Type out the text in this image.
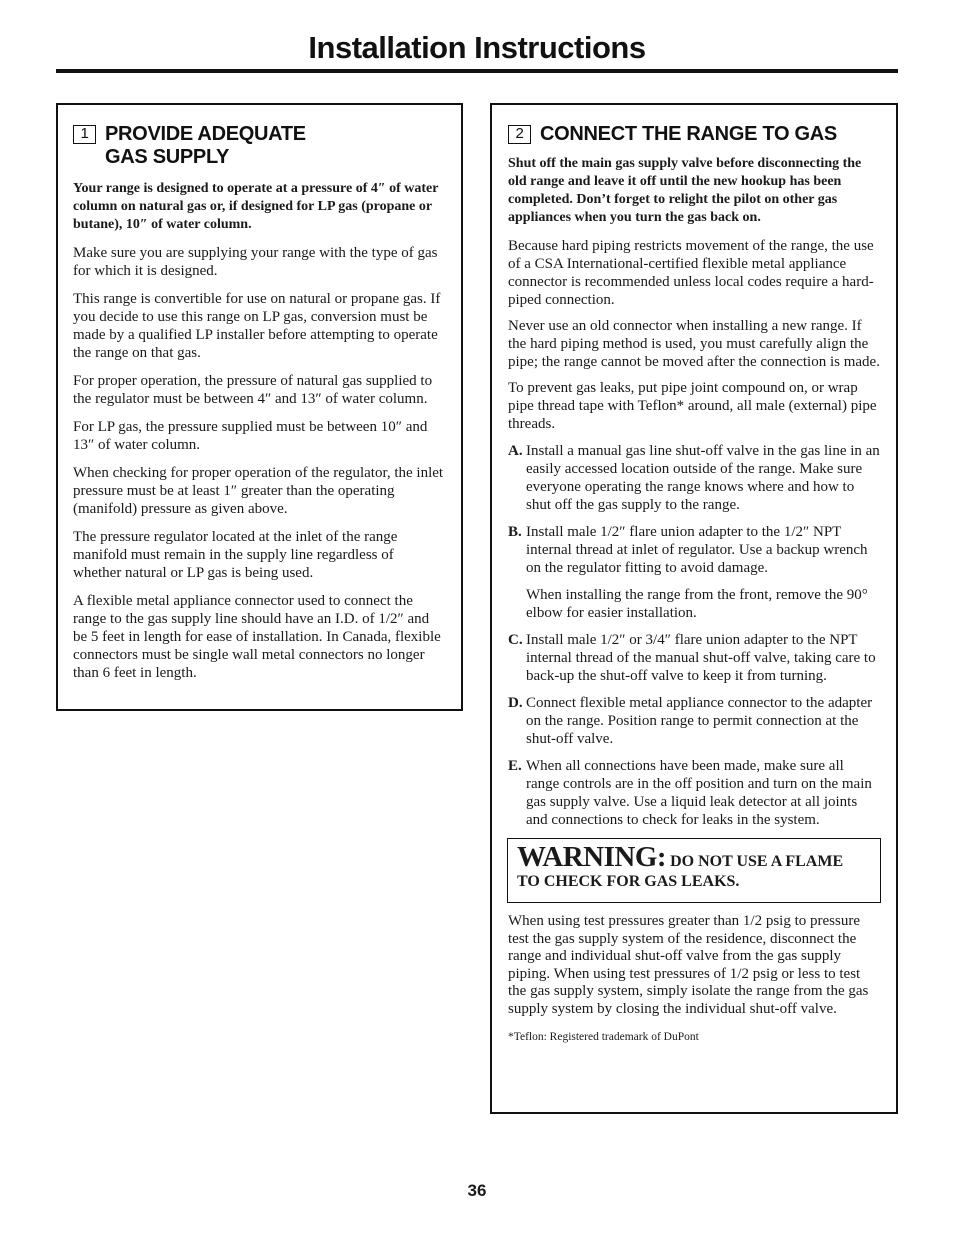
Installation Instructions
1 PROVIDE ADEQUATE
GAS SUPPLY

Your range is designed to operate at a pressure of 4″ of water column on natural gas or, if designed for LP gas (propane or butane), 10″ of water column.

Make sure you are supplying your range with the type of gas for which it is designed.

This range is convertible for use on natural or propane gas. If you decide to use this range on LP gas, conversion must be made by a qualified LP installer before attempting to operate the range on that gas.

For proper operation, the pressure of natural gas supplied to the regulator must be between 4″ and 13″ of water column.

For LP gas, the pressure supplied must be between 10″ and 13″ of water column.

When checking for proper operation of the regulator, the inlet pressure must be at least 1″ greater than the operating (manifold) pressure as given above.

The pressure regulator located at the inlet of the range manifold must remain in the supply line regardless of whether natural or LP gas is being used.

A flexible metal appliance connector used to connect the range to the gas supply line should have an I.D. of 1/2″ and be 5 feet in length for ease of installation. In Canada, flexible connectors must be single wall metal connectors no longer than 6 feet in length.

2 CONNECT THE RANGE TO GAS

Shut off the main gas supply valve before disconnecting the old range and leave it off until the new hookup has been completed. Don’t forget to relight the pilot on other gas appliances when you turn the gas back on.

Because hard piping restricts movement of the range, the use of a CSA International-certified flexible metal appliance connector is recommended unless local codes require a hard-piped connection.

Never use an old connector when installing a new range. If the hard piping method is used, you must carefully align the pipe; the range cannot be moved after the connection is made.

To prevent gas leaks, put pipe joint compound on, or wrap pipe thread tape with Teflon* around, all male (external) pipe threads.

A. Install a manual gas line shut-off valve in the gas line in an easily accessed location outside of the range. Make sure everyone operating the range knows where and how to shut off the gas supply to the range.
B. Install male 1/2″ flare union adapter to the 1/2″ NPT internal thread at inlet of regulator. Use a backup wrench on the regulator fitting to avoid damage.

When installing the range from the front, remove the 90° elbow for easier installation.

C. Install male 1/2″ or 3/4″ flare union adapter to the NPT internal thread of the manual shut-off valve, taking care to back-up the shut-off valve to keep it from turning.
D. Connect flexible metal appliance connector to the adapter on the range. Position range to permit connection at the shut-off valve.
E. When all connections have been made, make sure all range controls are in the off position and turn on the main gas supply valve. Use a liquid leak detector at all joints and connections to check for leaks in the system.
WARNING: DO NOT USE A FLAME
TO CHECK FOR GAS LEAKS.

When using test pressures greater than 1/2 psig to pressure test the gas supply system of the residence, disconnect the range and individual shut-off valve from the gas supply piping. When using test pressures of 1/2 psig or less to test the gas supply system, simply isolate the range from the gas supply system by closing the individual shut-off valve.

*Teflon: Registered trademark of DuPont

36
